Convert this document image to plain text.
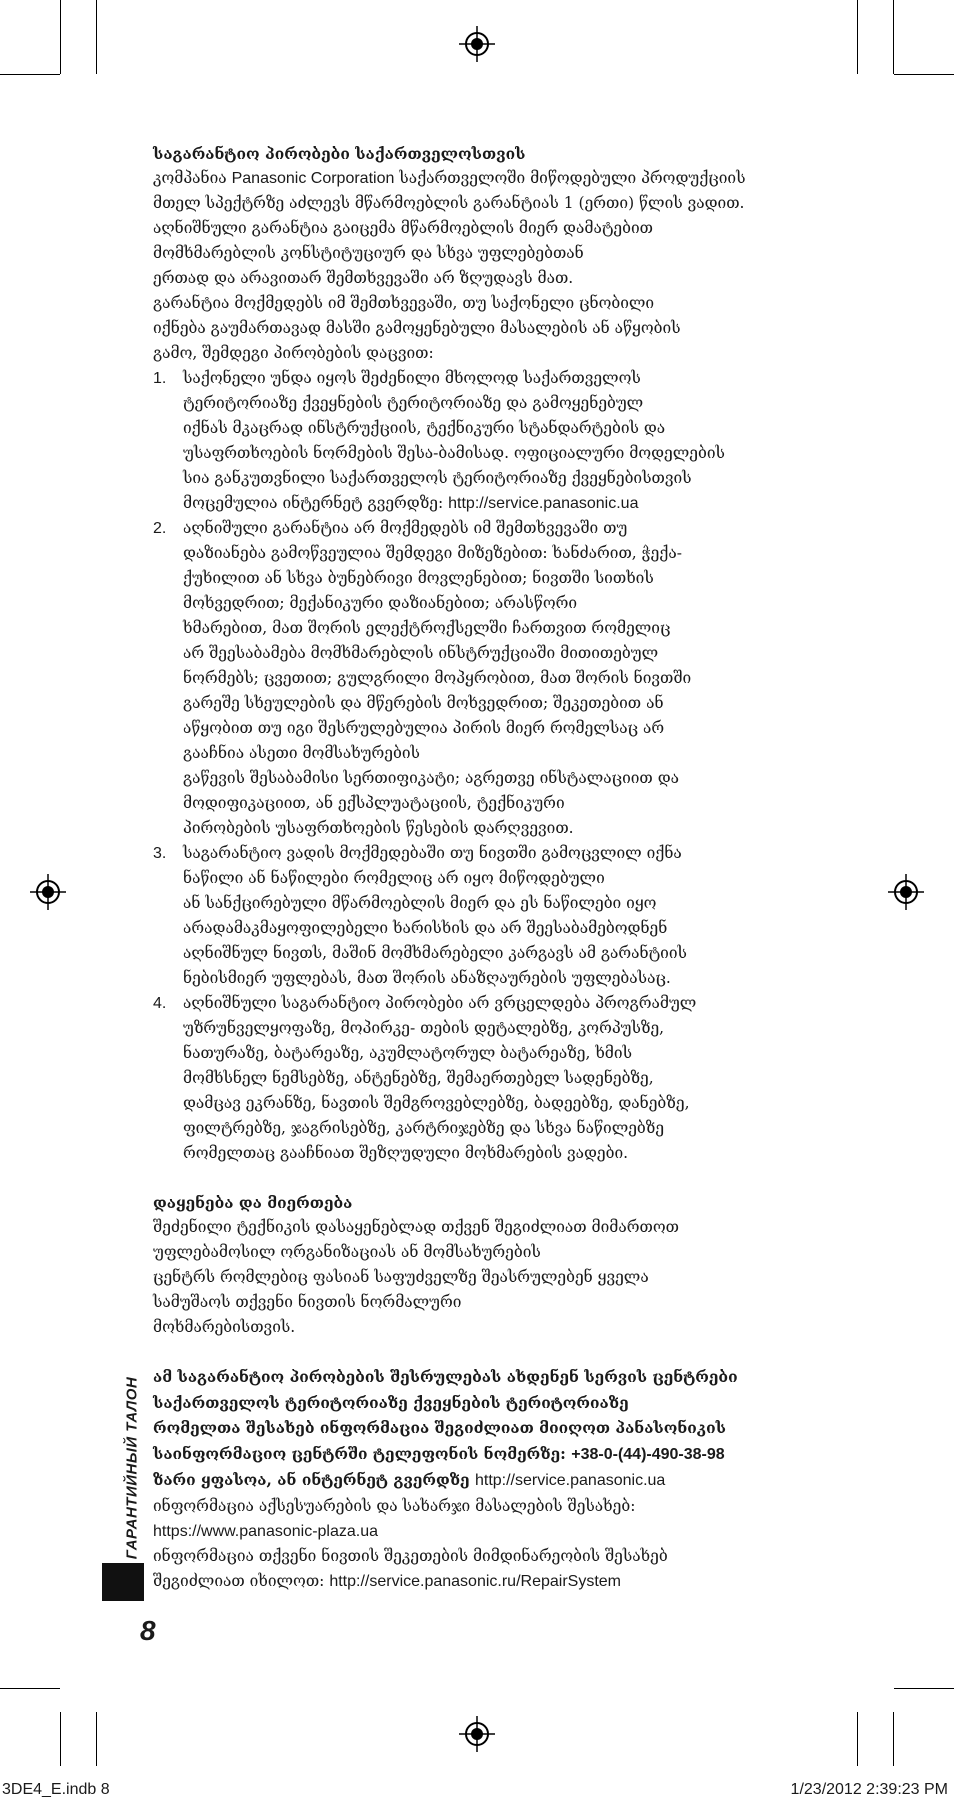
საგარანტიო პირობები საქართველოსთვის

კომპანია Panasonic Corporation საქართველოში მიწოდებული პროდუქციის
მთელ სპექტრზე აძლევს მწარმოებლის გარანტიას 1 (ერთი) წლის ვადით.
აღნიშნული გარანტია გაიცემა მწარმოებლის მიერ დამატებით
მომხმარებლის კონსტიტუციურ და სხვა უფლებებთან
ერთად და არავითარ შემთხვევაში არ ზღუდავს მათ.
გარანტია მოქმედებს იმ შემთხვევაში, თუ საქონელი ცნობილი
იქნება გაუმართავად მასში გამოყენებული მასალების ან აწყობის
გამო, შემდეგი პირობების დაცვით:

1. საქონელი უნდა იყოს შეძენილი მხოლოდ საქართველოს
ტერიტორიაზე ქვეყნების ტერიტორიაზე და გამოყენებულ
იქნას მკაცრად ინსტრუქციის, ტექნიკური სტანდარტების და
უსაფრთხოების ნორმების შესა-ბამისად. ოფიციალური მოდელების
სია განკუთვნილი საქართველოს ტერიტორიაზე ქვეყნებისთვის
მოცემულია ინტერნეტ გვერდზე: http://service.panasonic.ua
2. აღნიშული გარანტია არ მოქმედებს იმ შემთხვევაში თუ
დაზიანება გამოწვეულია შემდეგი მიზეზებით: ხანძარით, ჭექა-
ქუხილით ან სხვა ბუნებრივი მოვლენებით; ნივთში სითხის
მოხვედრით; მექანიკური დაზიანებით; არასწორი
ხმარებით, მათ შორის ელექტროქსელში ჩართვით რომელიც
არ შეესაბამება მომხმარებლის ინსტრუქციაში მითითებულ
ნორმებს; ცვეთით; გულგრილი მოპყრობით, მათ შორის ნივთში
გარეშე სხეულების და მწერების მოხვედრით; შეკეთებით ან
აწყობით თუ იგი შესრულებულია პირის მიერ რომელსაც არ
გააჩნია ასეთი მომსახურების
გაწევის შესაბამისი სერთიფიკატი; აგრეთვე ინსტალაციით და
მოდიფიკაციით, ან ექსპლუატაციის, ტექნიკური
პირობების უსაფრთხოების წესების დარღვევით.
3. საგარანტიო ვადის მოქმედებაში თუ ნივთში გამოცვლილ იქნა
ნაწილი ან ნაწილები რომელიც არ იყო მიწოდებული
ან სანქცირებული მწარმოებლის მიერ და ეს ნაწილები იყო
არადამაკმაყოფილებელი ხარისხის და არ შეესაბამებოდნენ
აღნიშნულ ნივთს, მაშინ მომხმარებელი კარგავს ამ გარანტიის
ნებისმიერ უფლებას, მათ შორის ანაზღაურების უფლებასაც.
4. აღნიშნული საგარანტიო პირობები არ ვრცელდება პროგრამულ
უზრუნველყოფაზე, მოპირკე- თების დეტალებზე, კორპუსზე,
ნათურაზე, ბატარეაზე, აკუმლატორულ ბატარეაზე, ხმის
მომხსნელ ნემსებზე, ანტენებზე, შემაერთებელ სადენებზე,
დამცავ ეკრანზე, ნავთის შემგროვებლებზე, ბადეებზე, დანებზე,
ფილტრებზე, ჯაგრისებზე, კარტრიჯებზე და სხვა ნაწილებზე
რომელთაც გააჩნიათ შეზღუდული მოხმარების ვადები.

დაყენება და მიერთება

შეძენილი ტექნიკის დასაყენებლად თქვენ შეგიძლიათ მიმართოთ
უფლებამოსილ ორგანიზაციას ან მომსახურების
ცენტრს რომლებიც ფასიან საფუძველზე შეასრულებენ ყველა
სამუშაოს თქვენი ნივთის ნორმალური
მოხმარებისთვის.

ამ საგარანტიო პირობების შესრულებას ახდენენ სერვის ცენტრები
საქართველოს ტერიტორიაზე ქვეყნების ტერიტორიაზე
რომელთა შესახებ ინფორმაცია შეგიძლიათ მიიღოთ პანასონიკის
საინფორმაციო ცენტრში ტელეფონის ნომერზე: +38-0-(44)-490-38-98
ზარი ყფასოა, ან ინტერნეტ გვერდზე http://service.panasonic.ua

ინფორმაცია აქსესუარების და სახარჯი მასალების შესახებ:

https://www.panasonic-plaza.ua

ინფორმაცია თქვენი ნივთის შეკეთების მიმდინარეობის შესახებ
შეგიძლიათ იხილოთ: http://service.panasonic.ru/RepairSystem

ГАРАНТИЙНЫЙ ТАЛОН
8
3DE4_E.indb 8	1/23/2012 2:39:23 PM
